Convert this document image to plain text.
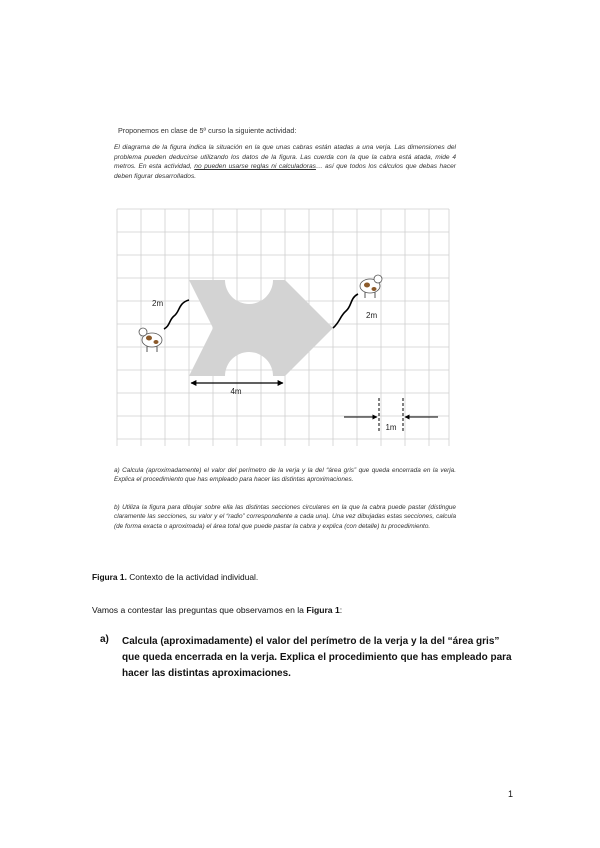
Proponemos en clase de 5º curso la siguiente actividad:
El diagrama de la figura indica la situación en la que unas cabras están atadas a una verja. Las dimensiones del problema pueden deducirse utilizando los datos de la figura. Las cuerda con la que la cabra está atada, mide 4 metros. En esta actividad, no pueden usarse reglas ni calculadoras… así que todos los cálculos que debas hacer deben figurar desarrollados.
4m
1m
2m
2m
a) Calcula (aproximadamente) el valor del perímetro de la verja y la del “área gris” que queda encerrada en la verja. Explica el procedimiento que has empleado para hacer las distintas aproximaciones.
b) Utiliza la figura para dibujar sobre ella las distintas secciones circulares en la que la cabra puede pastar (distingue claramente las secciones, su valor y el “radio” correspondiente a cada una). Una vez dibujadas estas secciones, calcula (de forma exacta o aproximada) el área total que puede pastar la cabra y explica (con detalle) tu procedimiento.
Figura 1. Contexto de la actividad individual.
Vamos a contestar las preguntas que observamos en la Figura 1:
a) Calcula (aproximadamente) el valor del perímetro de la verja y la del “área gris” que queda encerrada en la verja. Explica el procedimiento que has empleado para hacer las distintas aproximaciones.
1
